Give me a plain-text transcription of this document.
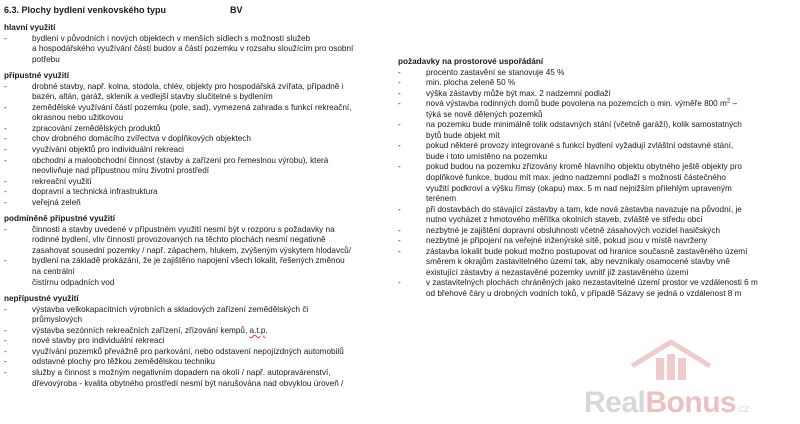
6.3. Plochy bydlení venkovského typu	BV
hlavní využití
- bydlení v původních i nových objektech v menších sídlech s možností služeb
a hospodářského využívání částí budov a částí pozemku v rozsahu sloužícím pro osobní
potřebu
přípustné využití
- drobné stavby, např. kolna, stodola, chlév, objekty pro hospodářská zvířata, případně i
bazén, altán, garáž, skleník a vedlejší stavby slučitelné s bydlením
- zemědělské využívání částí pozemku (pole, sad), vymezená zahrada s funkcí rekreační,
okrasnou nebo užitkovou
- zpracování zemědělských produktů
- chov drobného domácího zvířectva v doplňkových objektech
- využívání objektů pro individuální rekreaci
- obchodní a maloobchodní činnost (stavby a zařízení pro řemeslnou výrobu), která
neovlivňuje nad přípustnou míru životní prostředí
- rekreační využití
- dopravní a technická infrastruktura
- veřejná zeleň
podmíněně přípustné využití
- činnosti a stavby uvedené v přípustném využití nesmí být v rozporu s požadavky na
rodinné bydlení, vliv činností provozovaných na těchto plochách nesmí negativně
zasahovat sousední pozemky / např. zápachem, hlukem, zvýšeným výskytem hlodavců/
- bydlení na základě prokázání, že je zajištěno napojení všech lokalit, řešených změnou
na centrální
čistírnu odpadních vod
nepřípustné využití
- výstavba velkokapacitních výrobních a skladových zařízení zemědělských či
průmyslových
- výstavba sezónních rekreačních zařízení, zřízování kempů, a.t.p.
- nové stavby pro individuální rekreaci
- využívání pozemků převážně pro parkování, nebo odstavení nepojízdných automobilů
- odstavné plochy pro těžkou zemědělskou techniku
- služby a činnost s možným negativním dopadem na okolí / např. autopravárenství,
dřevovýroba - kvalita obytného prostředí nesmí být narušována nad obvyklou úroveň /
požadavky na prostorové uspořádání
- procento zastavění se stanovuje 45 %
- min. plocha zeleně 50 %
- výška zástavby může být max. 2 nadzemní podlaží
- nová výstavba rodinných domů bude povolena na pozemcích o min. výměře 800 $m^2$ –
týká se nově dělených pozemků
- na pozemku bude minimálně tolik odstavných stání (včetně garáží), kolik samostatných
bytů bude objekt mít
- pokud některé provozy integrované s funkcí bydlení vyžadují zvláštní odstavné stání,
bude i toto umístěno na pozemku
- pokud budou na pozemku zřizovány kromě hlavního objektu obytného ještě objekty pro
doplňkové funkce, budou mít max. jedno nadzemní podlaží s možností částečného
využití podkroví a výšku římsy (okapu) max. 5 m nad nejnižším přilehlým upraveným
terénem
- při dostavbách do stávající zástavby a tam, kde nová zástavba navazuje na původní, je
nutno vycházet z hmotového měřítka okolních staveb, zvláště ve středu obcí
- nezbytné je zajištění dopravní obsluhnosti včetně zásahových vozidel hasičských
- nezbytné je připojení na veřejné inženýrské sítě, pokud jsou v místě navrženy
- zástavba lokalit bude pokud možno postupovat od hranice současně zastavěného území
směrem k okrajům zastavitelného území tak, aby nevznikaly osamocené stavby vně
existující zástavby a nezastavěné pozemky uvnitř již zastavěného území
- v zastavitelných plochách chráněných jako nezastavitelné území prostor ve vzdálenosti 6 m
od břehové čáry u drobných vodních toků, v případě Sázavy se jedná o vzdálenost 8 m
RealBonus.cz
